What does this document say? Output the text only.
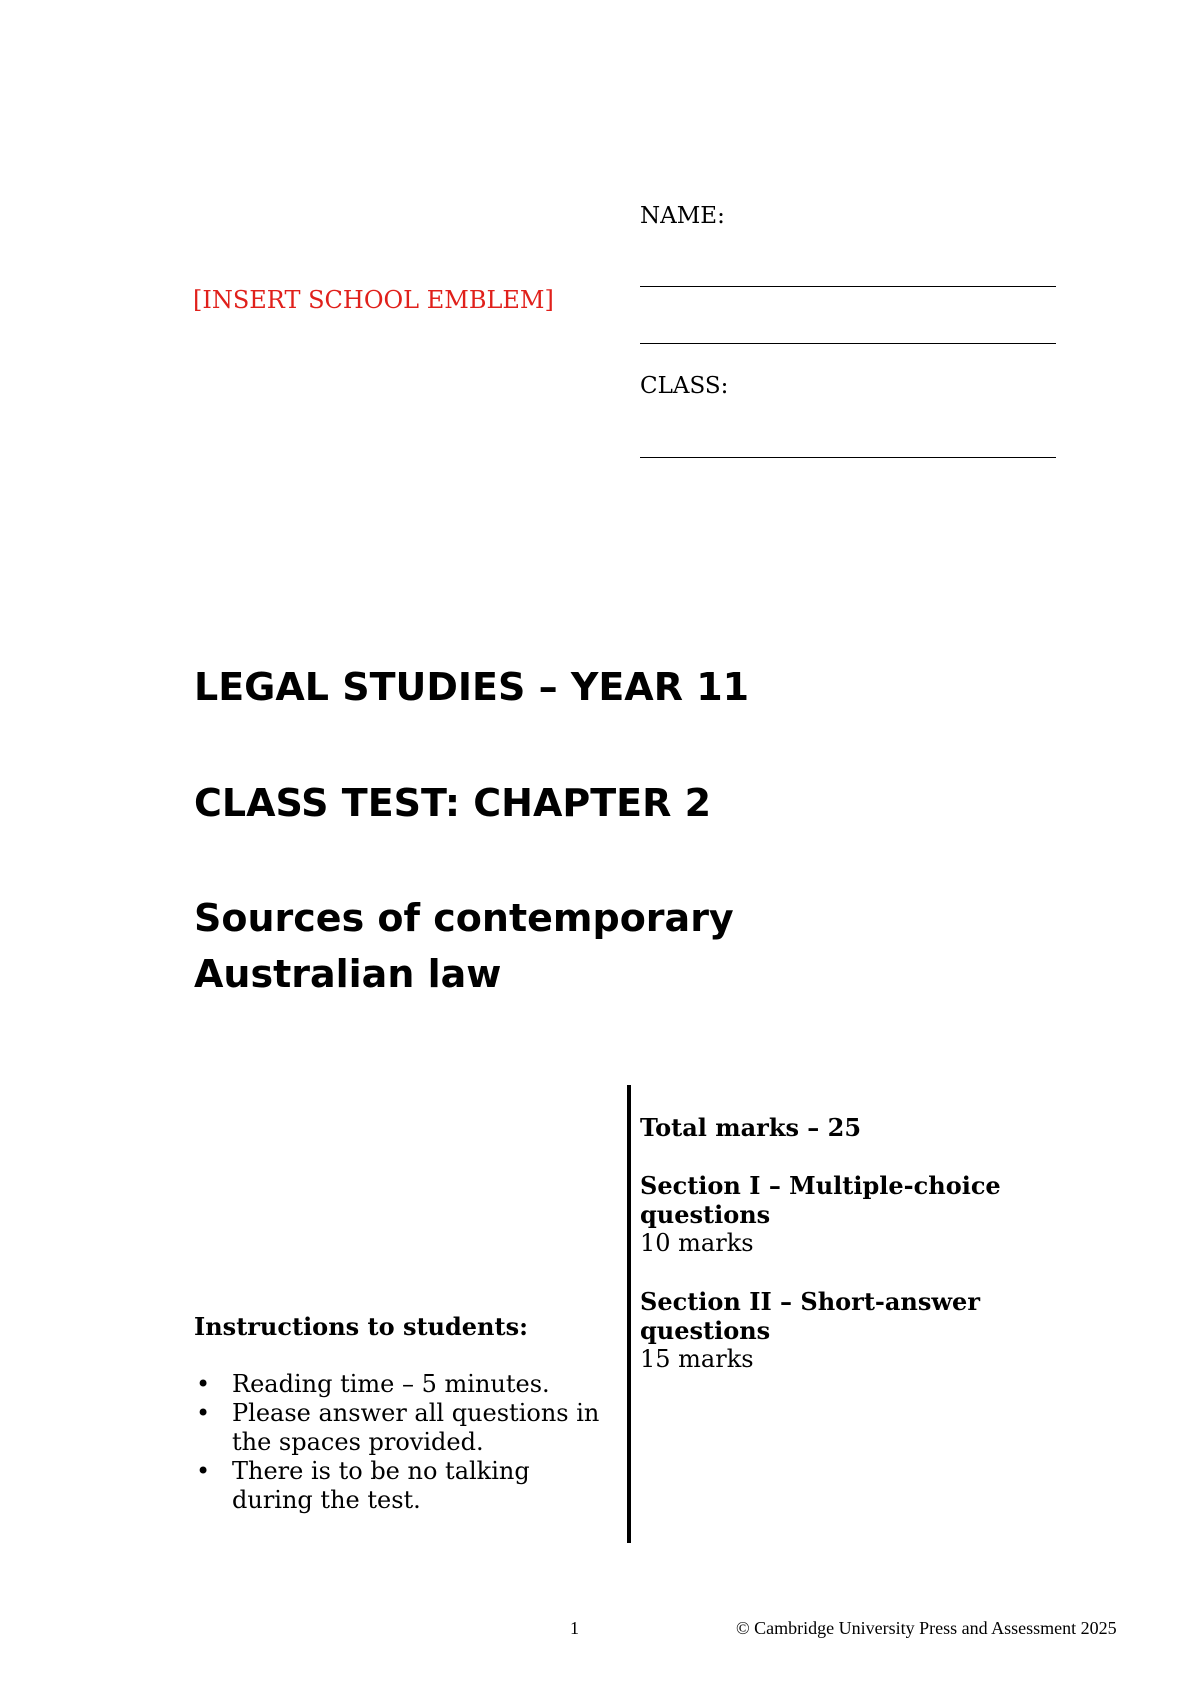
[INSERT SCHOOL EMBLEM]
NAME:
CLASS:
LEGAL STUDIES – YEAR 11
CLASS TEST: CHAPTER 2
Sources of contemporary
Australian law
Instructions to students:
• Reading time – 5 minutes.
• Please answer all questions in the spaces provided.
• There is to be no talking during the test.
Total marks – 25
Section I – Multiple-choice questions
10 marks
Section II – Short-answer questions
15 marks
1	© Cambridge University Press and Assessment 2025
